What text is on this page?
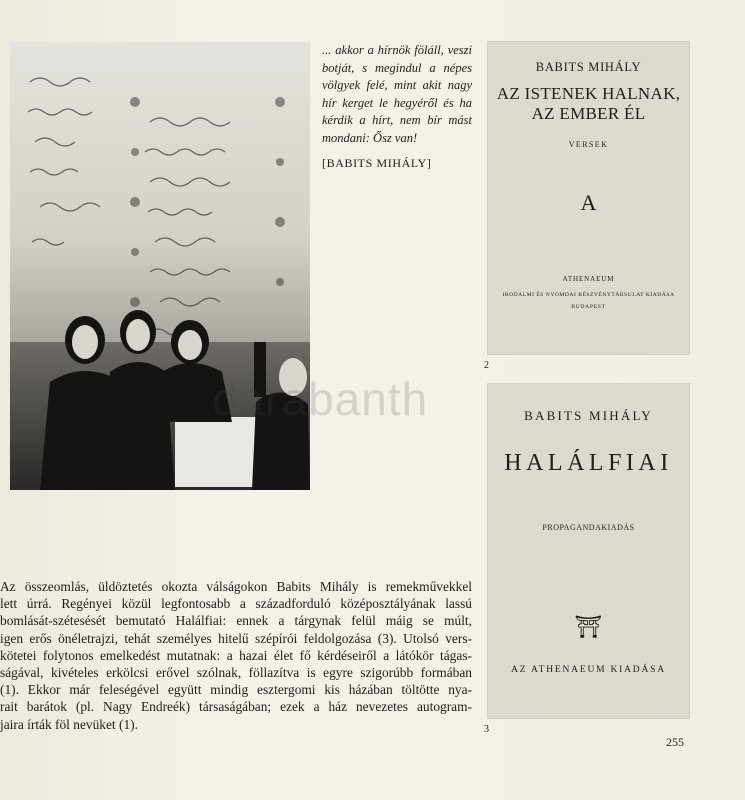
... akkor a hírnök föláll, veszi botját, s megindul a népes völgyek felé, mint akit nagy hír kerget le hegyéről és ha kérdik a hírt, nem bír mást mondani: Ősz van!

[BABITS MIHÁLY]

BABITS MIHÁLY

AZ ISTENEK HALNAK,
AZ EMBER ÉL

VERSEK

A

ATHENAEUM

IRODALMI ÉS NYOMDAI RÉSZVÉNYTÁRSULAT KIADÁSA

BUDAPEST

2

BABITS MIHÁLY

HALÁLFIAI

PROPAGANDAKIADÁS

⛩

AZ ATHENAEUM KIADÁSA

3

Az összeomlás, üldöztetés okozta válságokon Babits Mihály is remekművekkel
lett úrrá. Regényei közül legfontosabb a századforduló középosztályának lassú
bomlását-szétesését bemutató Halálfiai: ennek a tárgynak felül máig se múlt,
igen erős önéletrajzi, tehát személyes hitelű szépírói feldolgozása (3). Utolsó vers-
kötetei folytonos emelkedést mutatnak: a hazai élet fő kérdéseiről a látókör tágas-
ságával, kivételes erkölcsi erővel szólnak, föllazítva is egyre szigorúbb formában
(1). Ekkor már feleségével együtt mindig esztergomi kis házában töltötte nya-
rait barátok (pl. Nagy Endreék) társaságában; ezek a ház nevezetes autogram-
jaira írták föl nevüket (1).

255

darabanth
